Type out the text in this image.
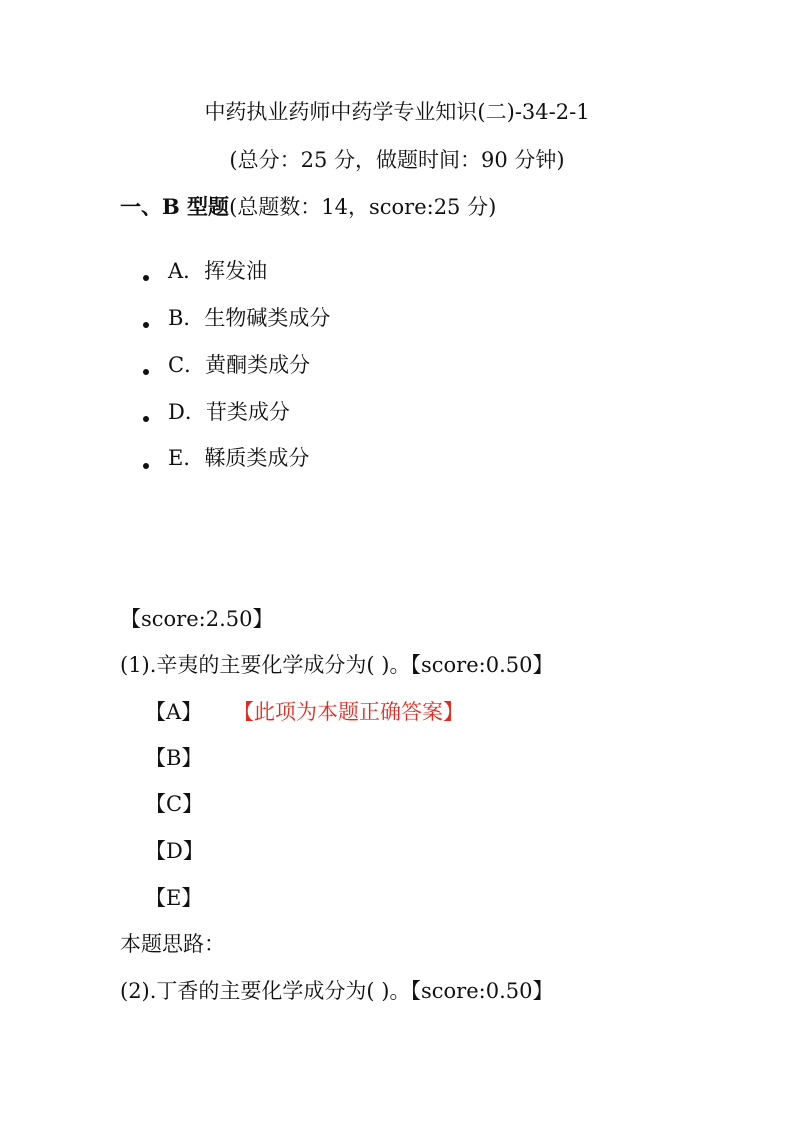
中药执业药师中药学专业知识(二)-34-2-1
(总分：25 分，做题时间：90 分钟)
一、B 型题(总题数：14，score:25 分)
A．挥发油
B．生物碱类成分
C．黄酮类成分
D．苷类成分
E．鞣质类成分
【score:2.50】
(1).辛夷的主要化学成分为( )。【score:0.50】
【A】 【此项为本题正确答案】
【B】
【C】
【D】
【E】
本题思路：
(2).丁香的主要化学成分为( )。【score:0.50】
